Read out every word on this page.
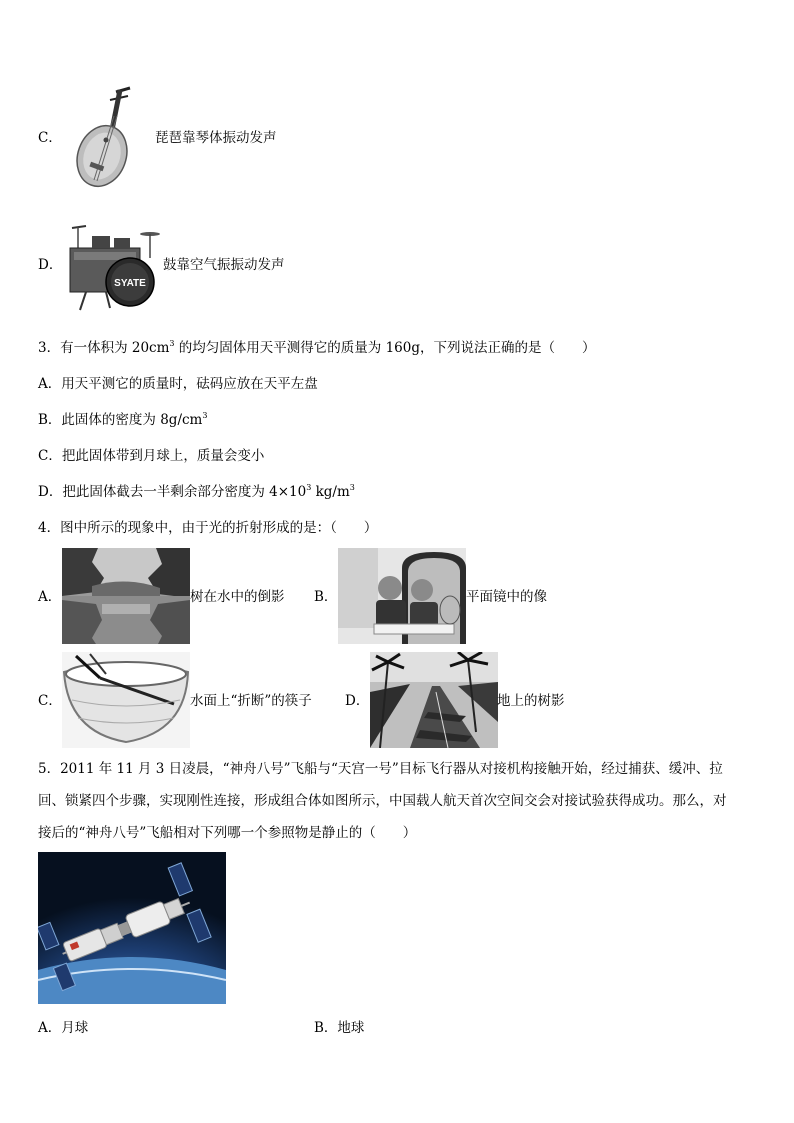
C．	琵琶靠琴体振动发声
D．
SYATE
鼓靠空气振振动发声
3．有一体积为 $20cm^3$ 的均匀固体用天平测得它的质量为 160g，下列说法正确的是（　　）
A．用天平测它的质量时，砝码应放在天平左盘
B．此固体的密度为 $8g/cm^3$
C．把此固体带到月球上，质量会变小
D．把此固体截去一半剩余部分密度为 $4\times 10^3$ $kg/m^3$
4．图中所示的现象中，由于光的折射形成的是：（　　）
A．	树在水中的倒影 B．	平面镜中的像
C．	水面上“折断”的筷子 D．	地上的树影
5．2011 年 11 月 3 日凌晨，“神舟八号”飞船与“天宫一号”目标飞行器从对接机构接触开始，经过捕获、缓冲、拉
回、锁紧四个步骤，实现刚性连接，形成组合体如图所示，中国载人航天首次空间交会对接试验获得成功。那么，对
接后的“神舟八号”飞船相对下列哪一个参照物是静止的（　　）
A．月球	B．地球
